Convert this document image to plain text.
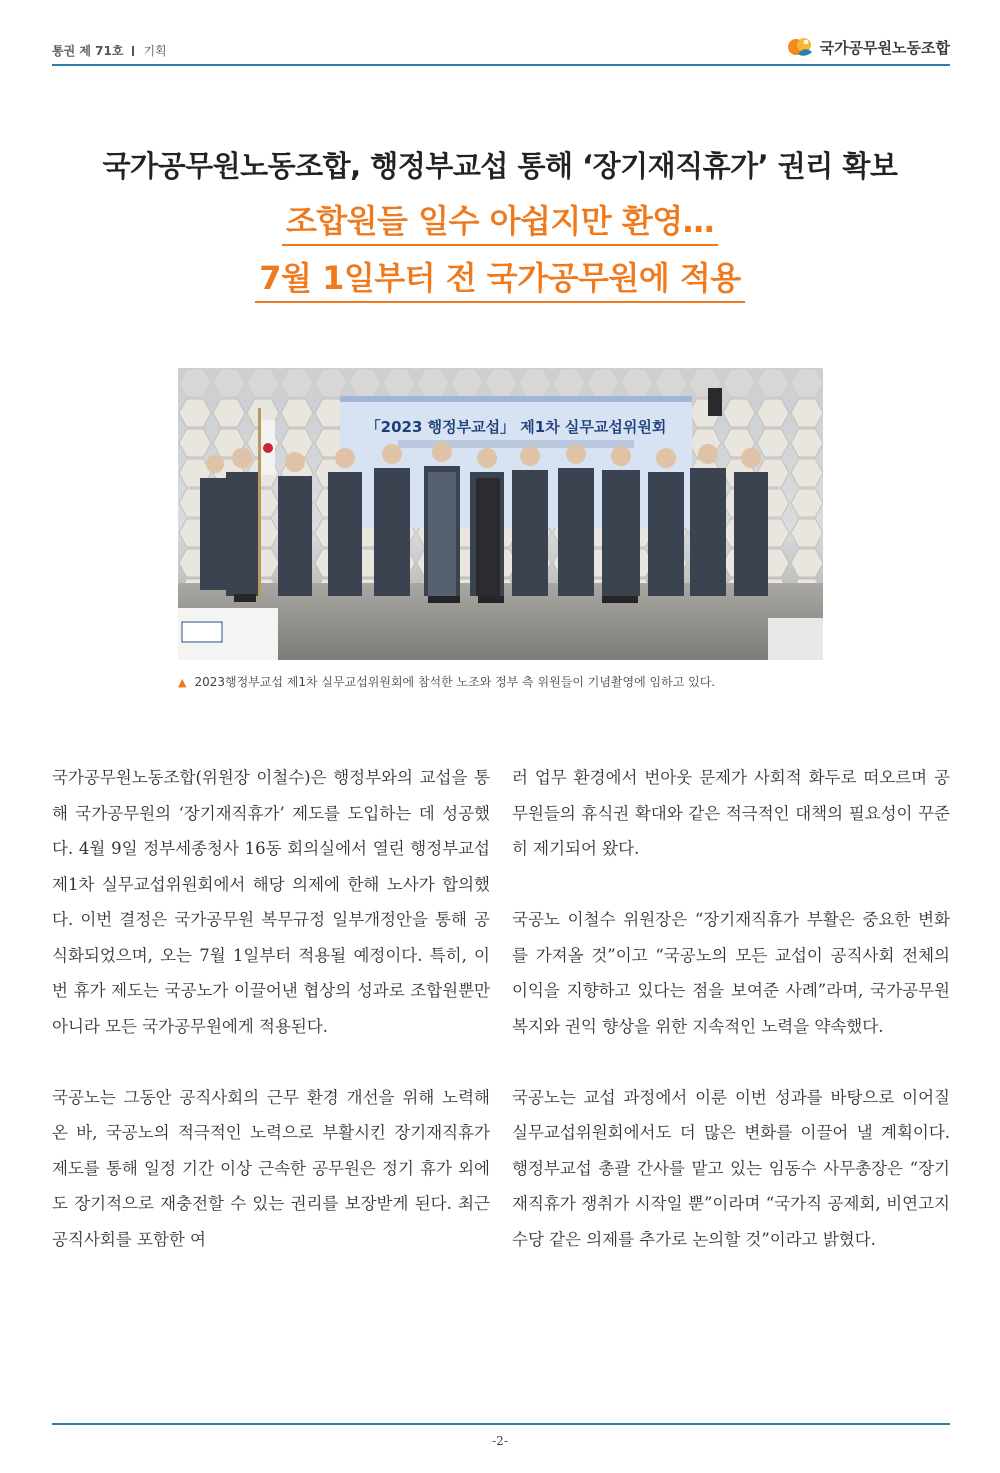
통권 제 71호 기획	국가공무원노동조합
국가공무원노동조합, 행정부교섭 통해 ‘장기재직휴가’ 권리 확보
조합원들 일수 아쉽지만 환영…
7월 1일부터 전 국가공무원에 적용
「2023 행정부교섭」 제1차 실무교섭위원회
▲ 2023행정부교섭 제1차 실무교섭위원회에 참석한 노조와 정부 측 위원들이 기념촬영에 임하고 있다.

국가공무원노동조합(위원장 이철수)은 행정부와의 교섭을 통해 국가공무원의 ‘장기재직휴가’ 제도를 도입하는 데 성공했다. 4월 9일 정부세종청사 16동 회의실에서 열린 행정부교섭 제1차 실무교섭위원회에서 해당 의제에 한해 노사가 합의했다. 이번 결정은 국가공무원 복무규정 일부개정안을 통해 공식화되었으며, 오는 7월 1일부터 적용될 예정이다. 특히, 이번 휴가 제도는 국공노가 이끌어낸 협상의 성과로 조합원뿐만 아니라 모든 국가공무원에게 적용된다.

국공노는 그동안 공직사회의 근무 환경 개선을 위해 노력해 온 바, 국공노의 적극적인 노력으로 부활시킨 장기재직휴가 제도를 통해 일정 기간 이상 근속한 공무원은 정기 휴가 외에도 장기적으로 재충전할 수 있는 권리를 보장받게 된다. 최근 공직사회를 포함한 여

러 업무 환경에서 번아웃 문제가 사회적 화두로 떠오르며 공무원들의 휴식권 확대와 같은 적극적인 대책의 필요성이 꾸준히 제기되어 왔다.

국공노 이철수 위원장은 “장기재직휴가 부활은 중요한 변화를 가져올 것”이고 “국공노의 모든 교섭이 공직사회 전체의 이익을 지향하고 있다는 점을 보여준 사례”라며, 국가공무원 복지와 권익 향상을 위한 지속적인 노력을 약속했다.

국공노는 교섭 과정에서 이룬 이번 성과를 바탕으로 이어질 실무교섭위원회에서도 더 많은 변화를 이끌어 낼 계획이다. 행정부교섭 총괄 간사를 맡고 있는 임동수 사무총장은 “장기재직휴가 쟁취가 시작일 뿐”이라며 “국가직 공제회, 비연고지 수당 같은 의제를 추가로 논의할 것”이라고 밝혔다.

-2-
